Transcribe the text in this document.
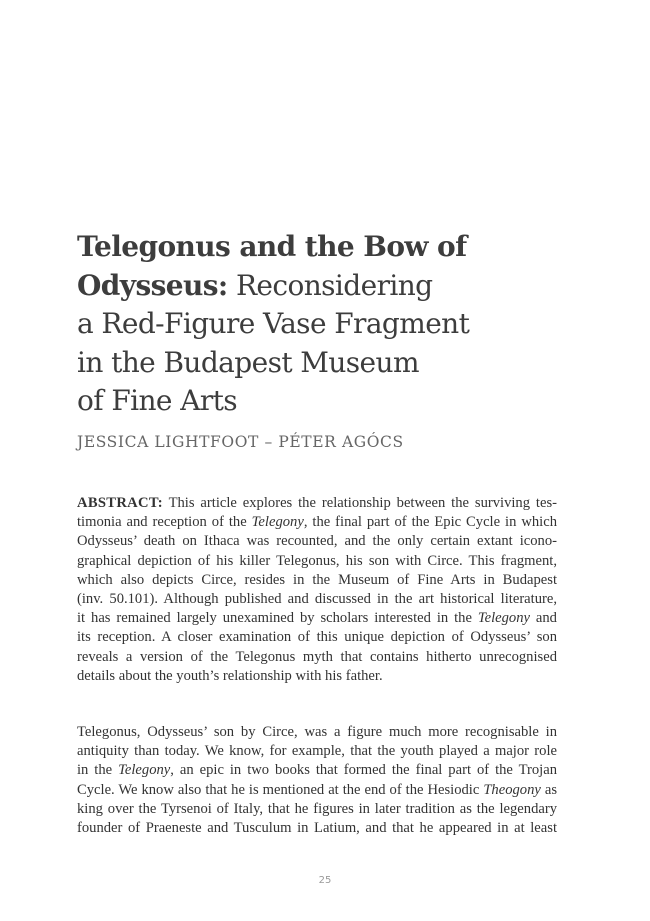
Telegonus and the Bow of
Odysseus: Reconsidering
a Red-Figure Vase Fragment
in the Budapest Museum
of Fine Arts
JESSICA LIGHTFOOT – PÉTER AGÓCS
ABSTRACT: This article explores the relationship between the surviving tes-
timonia and reception of the Telegony, the final part of the Epic Cycle in which
Odysseus’ death on Ithaca was recounted, and the only certain extant icono-
graphical depiction of his killer Telegonus, his son with Circe. This fragment,
which also depicts Circe, resides in the Museum of Fine Arts in Budapest
(inv. 50.101). Although published and discussed in the art historical literature,
it has remained largely unexamined by scholars interested in the Telegony and
its reception. A closer examination of this unique depiction of Odysseus’ son
reveals a version of the Telegonus myth that contains hitherto unrecognised
details about the youth’s relationship with his father.
Telegonus, Odysseus’ son by Circe, was a figure much more recognisable in
antiquity than today. We know, for example, that the youth played a major role
in the Telegony, an epic in two books that formed the final part of the Trojan
Cycle. We know also that he is mentioned at the end of the Hesiodic Theogony as
king over the Tyrsenoi of Italy, that he figures in later tradition as the legendary
founder of Praeneste and Tusculum in Latium, and that he appeared in at least
25
